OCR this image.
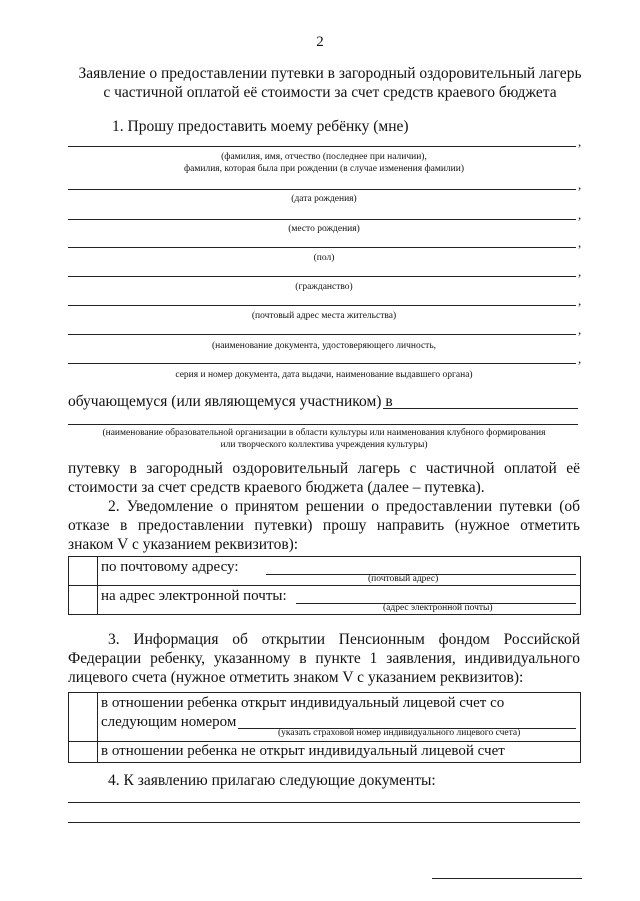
2
Заявление о предоставлении путевки в загородный оздоровительный лагерь
с частичной оплатой её стоимости за счет средств краевого бюджета
1. Прошу предоставить моему ребёнку (мне)
,
(фамилия, имя, отчество (последнее при наличии),
фамилия, которая была при рождении (в случае изменения фамилии)
,
(дата рождения)
,
(место рождения)
,
(пол)
,
(гражданство)
,
(почтовый адрес места жительства)
,
(наименование документа, удостоверяющего личность,
,
серия и номер документа, дата выдачи, наименование выдавшего органа)
обучающемуся (или являющемуся участником) в
(наименование образовательной организации в области культуры или наименования клубного формирования
или творческого коллектива учреждения культуры)
путевку в загородный оздоровительный лагерь с частичной оплатой её стоимости за счет средств краевого бюджета (далее – путевка).
2. Уведомление о принятом решении о предоставлении путевки (об отказе в предоставлении путевки) прошу направить (нужное отметить знаком V с указанием реквизитов):

	по почтовому адресу:
(почтовый адрес)

	на адрес электронной почты:
(адрес электронной почты)
3. Информация об открытии Пенсионным фондом Российской Федерации ребенку, указанному в пункте 1 заявления, индивидуального лицевого счета (нужное отметить знаком V с указанием реквизитов):

	в отношении ребенка открыт индивидуальный лицевой счет со
следующим номером
(указать страховой номер индивидуального лицевого счета)

	в отношении ребенка не открыт индивидуальный лицевой счет
4. К заявлению прилагаю следующие документы:
